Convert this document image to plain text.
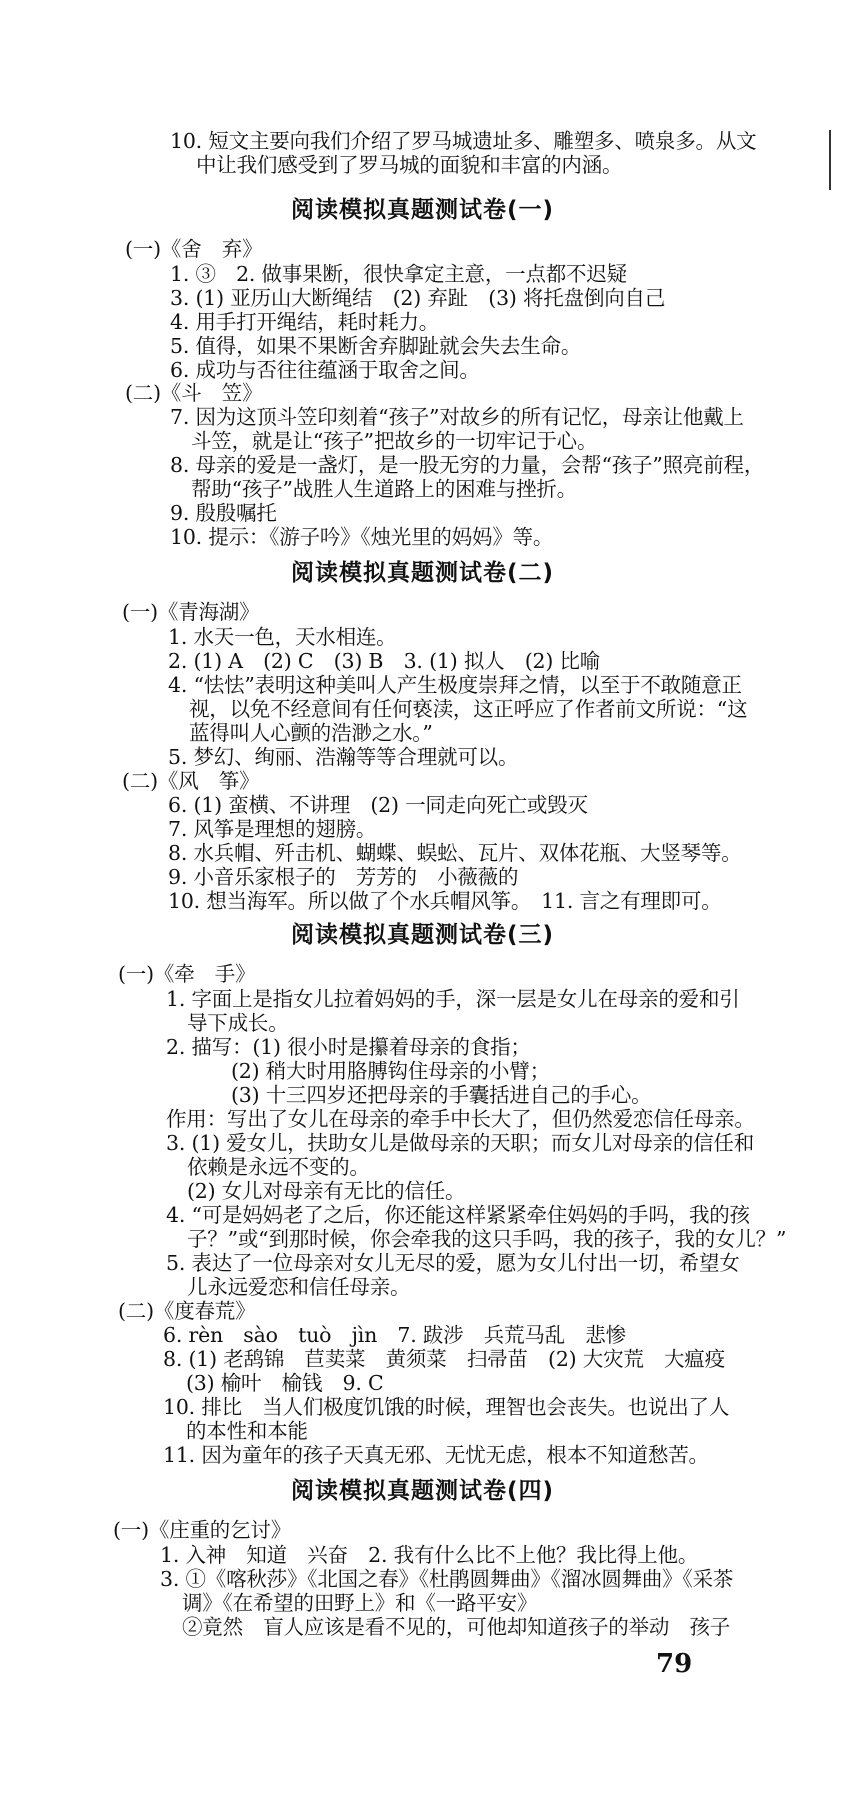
10. 短文主要向我们介绍了罗马城遗址多、雕塑多、喷泉多。从文
中让我们感受到了罗马城的面貌和丰富的内涵。
阅读模拟真题测试卷(一)
(一)《舍　弃》
1. ③　2. 做事果断，很快拿定主意，一点都不迟疑
3. (1) 亚历山大断绳结　(2) 弃趾　(3) 将托盘倒向自己
4. 用手打开绳结，耗时耗力。
5. 值得，如果不果断舍弃脚趾就会失去生命。
6. 成功与否往往蕴涵于取舍之间。
(二)《斗　笠》
7. 因为这顶斗笠印刻着“孩子”对故乡的所有记忆，母亲让他戴上
斗笠，就是让“孩子”把故乡的一切牢记于心。
8. 母亲的爱是一盏灯，是一股无穷的力量，会帮“孩子”照亮前程，
帮助“孩子”战胜人生道路上的困难与挫折。
9. 殷殷嘱托
10. 提示：《游子吟》《烛光里的妈妈》等。
阅读模拟真题测试卷(二)
(一)《青海湖》
1. 水天一色，天水相连。
2. (1) A　(2) C　(3) B　3. (1) 拟人　(2) 比喻
4. “怯怯”表明这种美叫人产生极度崇拜之情，以至于不敢随意正
视，以免不经意间有任何亵渎，这正呼应了作者前文所说：“这
蓝得叫人心颤的浩渺之水。”
5. 梦幻、绚丽、浩瀚等等合理就可以。
(二)《风　筝》
6. (1) 蛮横、不讲理　(2) 一同走向死亡或毁灭
7. 风筝是理想的翅膀。
8. 水兵帽、歼击机、蝴蝶、蜈蚣、瓦片、双体花瓶、大竖琴等。
9. 小音乐家根子的　芳芳的　小薇薇的
10. 想当海军。所以做了个水兵帽风筝。　11. 言之有理即可。
阅读模拟真题测试卷(三)
(一)《牵　手》
1. 字面上是指女儿拉着妈妈的手，深一层是女儿在母亲的爱和引
导下成长。
2. 描写：(1) 很小时是攥着母亲的食指；
(2) 稍大时用胳膊钩住母亲的小臂；
(3) 十三四岁还把母亲的手囊括进自己的手心。
作用：写出了女儿在母亲的牵手中长大了，但仍然爱恋信任母亲。
3. (1) 爱女儿，扶助女儿是做母亲的天职；而女儿对母亲的信任和
依赖是永远不变的。
(2) 女儿对母亲有无比的信任。
4. “可是妈妈老了之后，你还能这样紧紧牵住妈妈的手吗，我的孩
子？”或“到那时候，你会牵我的这只手吗，我的孩子，我的女儿？”
5. 表达了一位母亲对女儿无尽的爱，愿为女儿付出一切，希望女
儿永远爱恋和信任母亲。
(二)《度春荒》
6. rèn　sào　tuò　jìn　7. 跋涉　兵荒马乱　悲惨
8. (1) 老鸹锦　苣荬菜　黄须菜　扫帚苗　(2) 大灾荒　大瘟疫
(3) 榆叶　榆钱　9. C
10. 排比　当人们极度饥饿的时候，理智也会丧失。也说出了人
的本性和本能
11. 因为童年的孩子天真无邪、无忧无虑，根本不知道愁苦。
阅读模拟真题测试卷(四)
(一)《庄重的乞讨》
1. 入神　知道　兴奋　2. 我有什么比不上他？我比得上他。
3. ①《喀秋莎》《北国之春》《杜鹃圆舞曲》《溜冰圆舞曲》《采茶
调》《在希望的田野上》和《一路平安》
②竟然　盲人应该是看不见的，可他却知道孩子的举动　孩子
79
